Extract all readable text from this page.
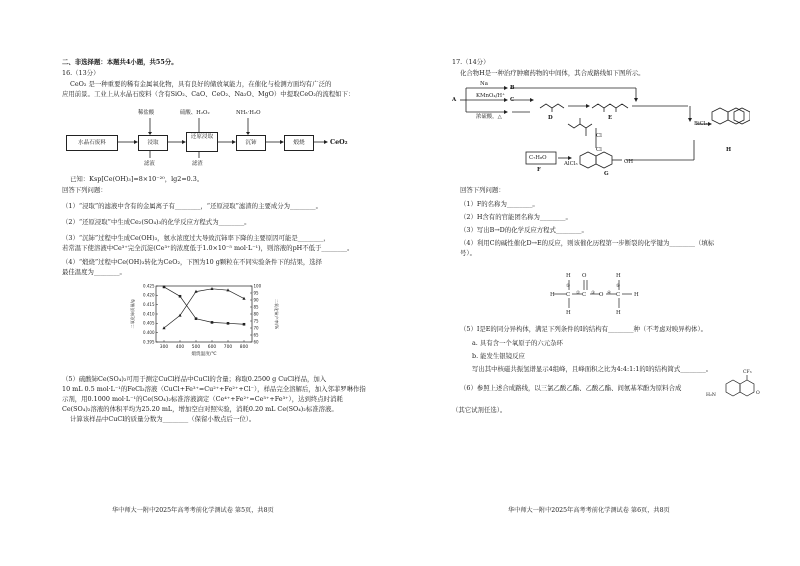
二、非选择题：本题共4小题，共55分。
16.（13分）
CeO₂ 是一种重要的稀有金属氧化物，具有良好的储放氧能力，在催化与检测方面均有广泛的
应用前景。工业上从水晶石废料（含有SiO₂、CaO、CeO₂、Na₂O、MgO）中提取CeO₂的流程如下：
水晶石废料	浸取
还原浸取
沉铈	煅烧	CeO₂
稀盐酸	硫酸、H₂O₂	NH₃·H₂O
滤液	滤渣
已知：Ksp[Ce(OH)₃]=8×10⁻²⁰，lg2=0.3。
回答下列问题：
（1）“浸取”的滤液中含有的金属离子有________，“还原浸取”滤渣的主要成分为________。
（2）“还原浸取”中生成Ce₂(SO₄)₃的化学反应方程式为________。
（3）“沉铈”过程中生成Ce(OH)₃，氨水浓度过大导致沉铈率下降的主要原因可能是________，
若常温下使溶液中Ce³⁺完全沉淀(Ce³⁺的浓度低于1.0×10⁻⁵ mol·L⁻¹)，则溶液的pH不低于________。
（4）“煅烧”过程中Ce(OH)₃转化为CeO₂，下图为10 g颗粒在不同实验条件下的结果，选择
最佳温度为________。
300 400 500 600 700 800
0.395
0.400
0.405
0.410
0.415
0.420
0.425
60
65
70
75
80
85
90
95
100
煅烧温度/℃
二氧化铈质量/g	二氧化铈产率/%
（5）硫酸铈Ce(SO₄)₂可用于测定CuCl样品中CuCl的含量；称取0.2500 g CuCl样品，加入
10 mL 0.5 mol·L⁻¹的FeCl₃溶液（CuCl+Fe³⁺=Cu²⁺+Fe²⁺+Cl⁻），样品完全溶解后，加入邻菲罗啉作指
示剂，用0.1000 mol·L⁻¹的Ce(SO₄)₂标准溶液滴定（Ce⁴⁺+Fe²⁺=Ce³⁺+Fe³⁺），达到终点时消耗
Ce(SO₄)₂溶液的体积平均为25.20 mL，增加空白对照实验，消耗0.20 mL Ce(SO₄)₂标准溶液。
计算该样品中CuCl的质量分数为________（保留小数点后一位）。
华中师大一附中2025年高考考前化学测试卷 第5页，共8页
17.（14分）
化合物H是一种治疗肿瘤药物的中间体，其合成路线如下图所示。
A
Na
B
KMnO₄/H⁺
C
浓硫酸，△	D	E
Cl
Cl
C₇H₈O
F
AlCl₃	OH
G
BiCl₃
H
回答下列问题：
（1）F的名称为________。
（2）H含有的官能团名称为________。
（3）写出B→D的化学反应方程式________。
（4）利用C的碱性催化D→E的反应，则该催化历程第一步断裂的化学键为________（填标
号）。
H
H
C
H
O
C O
H
C
H
H
①
② ③	④
⑤
（5）I是E的同分异构体，满足下列条件的I的结构有________种（不考虑对映异构体）。
a. 具有含一个氧原子的六元杂环
b. 能发生银镜反应
写出其中核磁共振氢谱显示4组峰，且峰面积之比为4:4:1:1的I的结构简式________。
（6）参照上述合成路线，以三氯乙酸乙酯、乙酸乙酯、间氨基苯酚为原料合成
（其它试剂任选）。
CF₃
H₂N	O
华中师大一附中2025年高考考前化学测试卷 第6页，共8页
